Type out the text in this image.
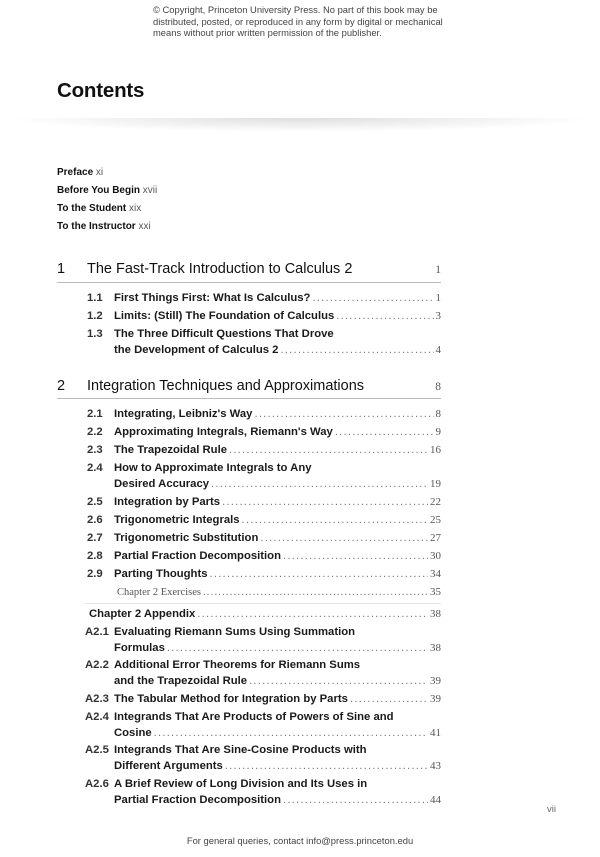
© Copyright, Princeton University Press. No part of this book may be
distributed, posted, or reproduced in any form by digital or mechanical
means without prior written permission of the publisher.
Contents
Preface xi
Before You Begin xvii
To the Student xix
To the Instructor xxi
1 The Fast-Track Introduction to Calculus 2	1
1.1 First Things First: What Is Calculus? .....	1
1.2 Limits: (Still) The Foundation of Calculus .....	3
1.3 The Three Difficult Questions That Drove
the Development of Calculus 2 .....	4
2 Integration Techniques and Approximations	8
2.1 Integrating, Leibniz's Way .....	8
2.2 Approximating Integrals, Riemann's Way .....	9
2.3 The Trapezoidal Rule .....	16
2.4 How to Approximate Integrals to Any
Desired Accuracy .....	19
2.5 Integration by Parts .....	22
2.6 Trigonometric Integrals .....	25
2.7 Trigonometric Substitution .....	27
2.8 Partial Fraction Decomposition .....	30
2.9 Parting Thoughts .....	34
Chapter 2 Exercises .....	35
Chapter 2 Appendix .....	38
A2.1 Evaluating Riemann Sums Using Summation
Formulas .....	38
A2.2 Additional Error Theorems for Riemann Sums
and the Trapezoidal Rule .....	39
A2.3 The Tabular Method for Integration by Parts .....	39
A2.4 Integrands That Are Products of Powers of Sine and
Cosine .....	41
A2.5 Integrands That Are Sine-Cosine Products with
Different Arguments .....	43
A2.6 A Brief Review of Long Division and Its Uses in
Partial Fraction Decomposition .....	44
vii
For general queries, contact info@press.princeton.edu
